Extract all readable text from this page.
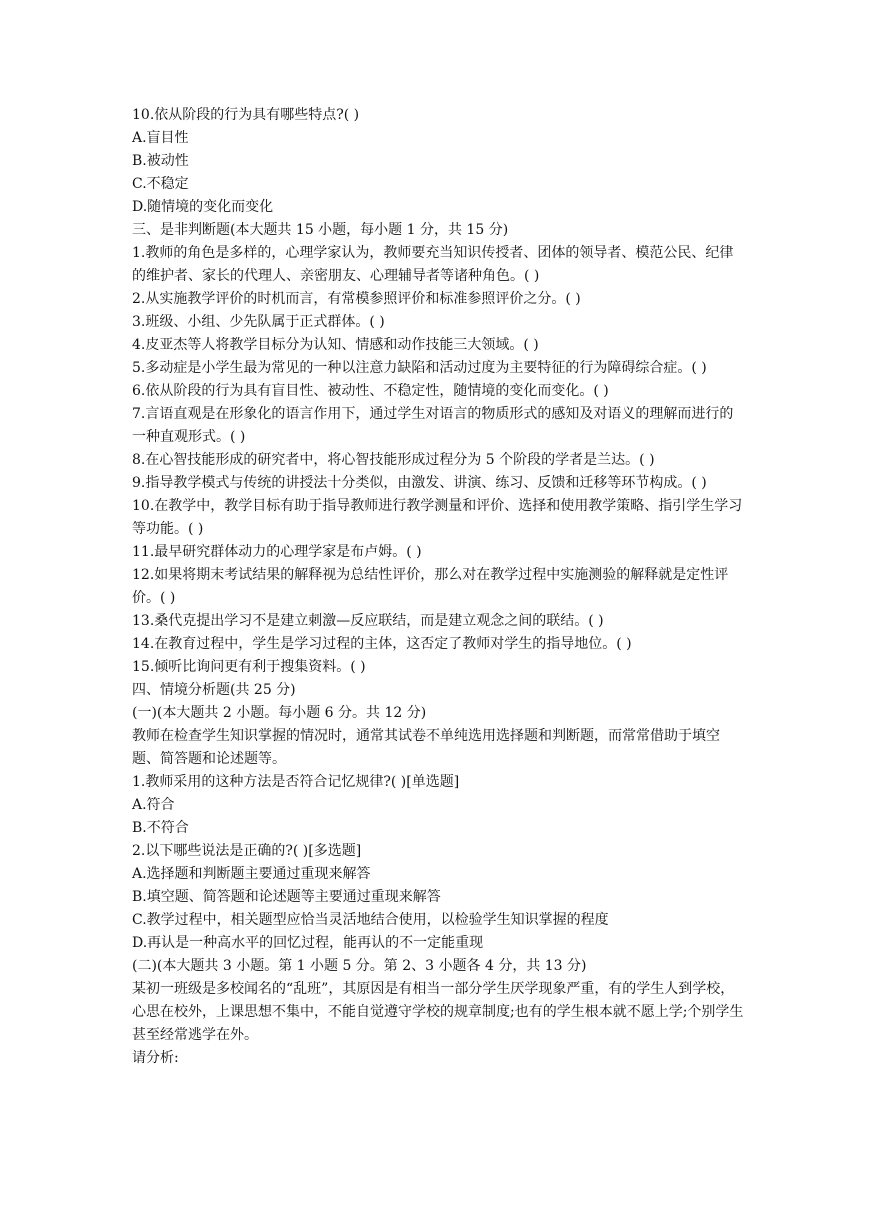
10.依从阶段的行为具有哪些特点?( )

A.盲目性

B.被动性

C.不稳定

D.随情境的变化而变化

三、是非判断题(本大题共 15 小题，每小题 1 分，共 15 分)

1.教师的角色是多样的，心理学家认为，教师要充当知识传授者、团体的领导者、模范公民、纪律的维护者、家长的代理人、亲密朋友、心理辅导者等诸种角色。( )

2.从实施教学评价的时机而言，有常模参照评价和标准参照评价之分。( )

3.班级、小组、少先队属于正式群体。( )

4.皮亚杰等人将教学目标分为认知、情感和动作技能三大领域。( )

5.多动症是小学生最为常见的一种以注意力缺陷和活动过度为主要特征的行为障碍综合症。( )

6.依从阶段的行为具有盲目性、被动性、不稳定性，随情境的变化而变化。( )

7.言语直观是在形象化的语言作用下，通过学生对语言的物质形式的感知及对语义的理解而进行的一种直观形式。( )

8.在心智技能形成的研究者中，将心智技能形成过程分为 5 个阶段的学者是兰达。( )

9.指导教学模式与传统的讲授法十分类似，由激发、讲演、练习、反馈和迁移等环节构成。( )

10.在教学中，教学目标有助于指导教师进行教学测量和评价、选择和使用教学策略、指引学生学习等功能。( )

11.最早研究群体动力的心理学家是布卢姆。( )

12.如果将期末考试结果的解释视为总结性评价，那么对在教学过程中实施测验的解释就是定性评价。( )

13.桑代克提出学习不是建立刺激—反应联结，而是建立观念之间的联结。( )

14.在教育过程中，学生是学习过程的主体，这否定了教师对学生的指导地位。( )

15.倾听比询问更有利于搜集资料。( )

四、情境分析题(共 25 分)

(一)(本大题共 2 小题。每小题 6 分。共 12 分)

教师在检查学生知识掌握的情况时，通常其试卷不单纯选用选择题和判断题，而常常借助于填空题、简答题和论述题等。

1.教师采用的这种方法是否符合记忆规律?( )[单选题]

A.符合

B.不符合

2.以下哪些说法是正确的?( )[多选题]

A.选择题和判断题主要通过重现来解答

B.填空题、简答题和论述题等主要通过重现来解答

C.教学过程中，相关题型应恰当灵活地结合使用，以检验学生知识掌握的程度

D.再认是一种高水平的回忆过程，能再认的不一定能重现

(二)(本大题共 3 小题。第 1 小题 5 分。第 2、3 小题各 4 分，共 13 分)

某初一班级是多校闻名的“乱班”，其原因是有相当一部分学生厌学现象严重，有的学生人到学校，心思在校外，上课思想不集中，不能自觉遵守学校的规章制度;也有的学生根本就不愿上学;个别学生甚至经常逃学在外。

请分析:
